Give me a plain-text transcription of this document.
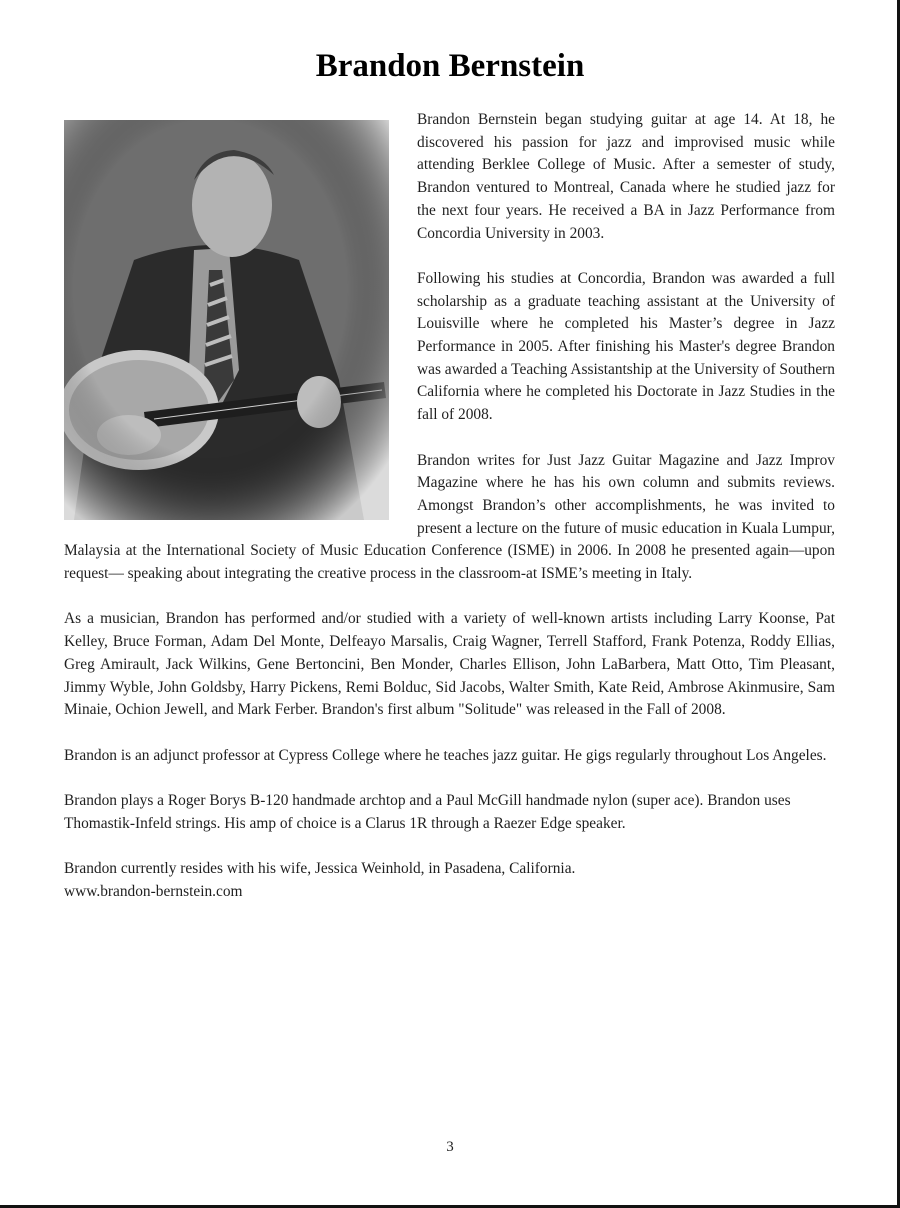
Brandon Bernstein

Brandon Bernstein began studying guitar at age 14. At 18, he discovered his passion for jazz and improvised music while attending Berklee College of Music. After a semester of study, Brandon ventured to Montreal, Canada where he studied jazz for the next four years. He received a BA in Jazz Performance from Concordia University in 2003.

Following his studies at Concordia, Brandon was awarded a full scholarship as a graduate teaching assistant at the University of Louisville where he completed his Master’s degree in Jazz Performance in 2005. After finishing his Master's degree Brandon was awarded a Teaching Assistantship at the University of Southern California where he completed his Doctorate in Jazz Studies in the fall of 2008.

Brandon writes for Just Jazz Guitar Magazine and Jazz Improv Magazine where he has his own column and submits reviews. Amongst Brandon’s other accomplishments, he was invited to present a lecture on the future of music education in Kuala Lumpur, Malaysia at the International Society of Music Education Conference (ISME) in 2006. In 2008 he presented again—upon request— speaking about integrating the creative process in the classroom-at ISME’s meeting in Italy.

As a musician, Brandon has performed and/or studied with a variety of well-known artists including Larry Koonse, Pat Kelley, Bruce Forman, Adam Del Monte, Delfeayo Marsalis, Craig Wagner, Terrell Stafford, Frank Potenza, Roddy Ellias, Greg Amirault, Jack Wilkins, Gene Bertoncini, Ben Monder, Charles Ellison, John LaBarbera, Matt Otto, Tim Pleasant, Jimmy Wyble, John Goldsby, Harry Pickens, Remi Bolduc, Sid Jacobs, Walter Smith, Kate Reid, Ambrose Akinmusire, Sam Minaie, Ochion Jewell, and Mark Ferber. Brandon's first album "Solitude" was released in the Fall of 2008.

Brandon is an adjunct professor at Cypress College where he teaches jazz guitar. He gigs regularly throughout Los Angeles.

Brandon plays a Roger Borys B-120 handmade archtop and a Paul McGill handmade nylon (super ace). Brandon uses Thomastik-Infeld strings. His amp of choice is a Clarus 1R through a Raezer Edge speaker.

Brandon currently resides with his wife, Jessica Weinhold, in Pasadena, California.

www.brandon-bernstein.com

3
